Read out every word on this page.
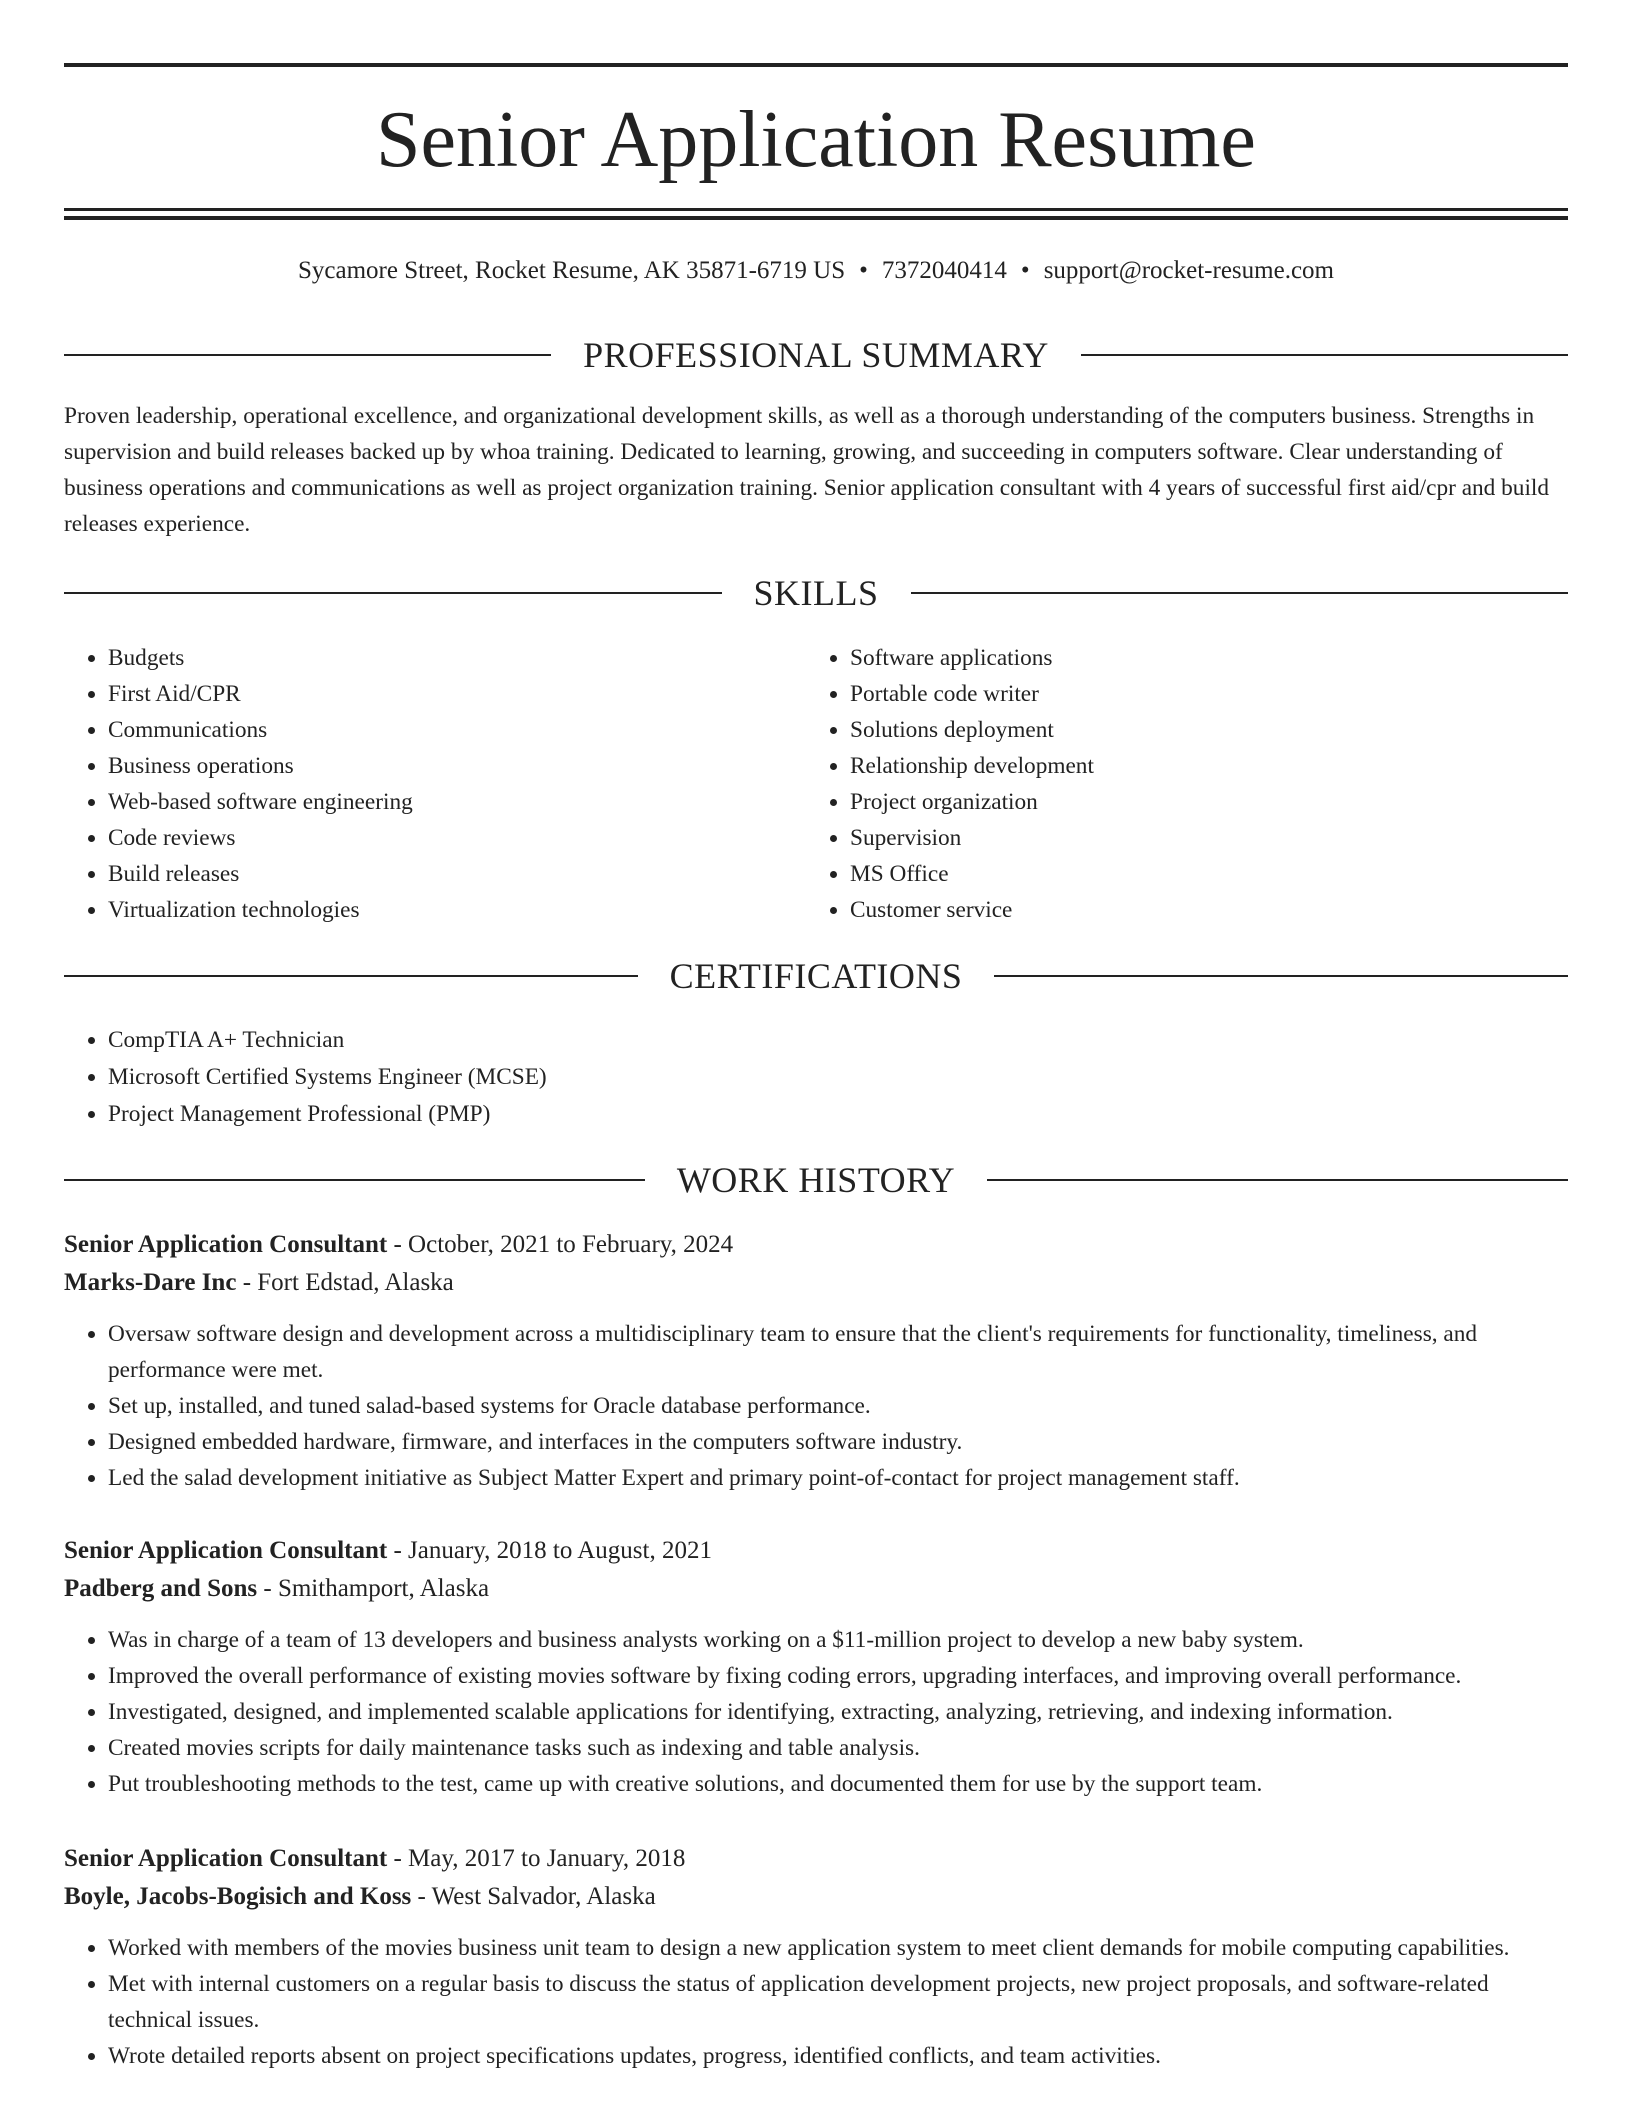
Senior Application Resume
Sycamore Street, Rocket Resume, AK 35871-6719 US • 7372040414 • support@rocket-resume.com
PROFESSIONAL SUMMARY

Proven leadership, operational excellence, and organizational development skills, as well as a thorough understanding of the computers business. Strengths in supervision and build releases backed up by whoa training. Dedicated to learning, growing, and succeeding in computers software. Clear understanding of business operations and communications as well as project organization training. Senior application consultant with 4 years of successful first aid/cpr and build releases experience.

SKILLS
• Budgets
• First Aid/CPR
• Communications
• Business operations
• Web-based software engineering
• Code reviews
• Build releases
• Virtualization technologies
• Software applications
• Portable code writer
• Solutions deployment
• Relationship development
• Project organization
• Supervision
• MS Office
• Customer service
CERTIFICATIONS
• CompTIA A+ Technician
• Microsoft Certified Systems Engineer (MCSE)
• Project Management Professional (PMP)
WORK HISTORY

Senior Application Consultant - October, 2021 to February, 2024

Marks-Dare Inc - Fort Edstad, Alaska

• Oversaw software design and development across a multidisciplinary team to ensure that the client's requirements for functionality, timeliness, and performance were met.
• Set up, installed, and tuned salad-based systems for Oracle database performance.
• Designed embedded hardware, firmware, and interfaces in the computers software industry.
• Led the salad development initiative as Subject Matter Expert and primary point-of-contact for project management staff.

Senior Application Consultant - January, 2018 to August, 2021

Padberg and Sons - Smithamport, Alaska

• Was in charge of a team of 13 developers and business analysts working on a $11-million project to develop a new baby system.
• Improved the overall performance of existing movies software by fixing coding errors, upgrading interfaces, and improving overall performance.
• Investigated, designed, and implemented scalable applications for identifying, extracting, analyzing, retrieving, and indexing information.
• Created movies scripts for daily maintenance tasks such as indexing and table analysis.
• Put troubleshooting methods to the test, came up with creative solutions, and documented them for use by the support team.

Senior Application Consultant - May, 2017 to January, 2018

Boyle, Jacobs-Bogisich and Koss - West Salvador, Alaska

• Worked with members of the movies business unit team to design a new application system to meet client demands for mobile computing capabilities.
• Met with internal customers on a regular basis to discuss the status of application development projects, new project proposals, and software-related technical issues.
• Wrote detailed reports absent on project specifications updates, progress, identified conflicts, and team activities.
